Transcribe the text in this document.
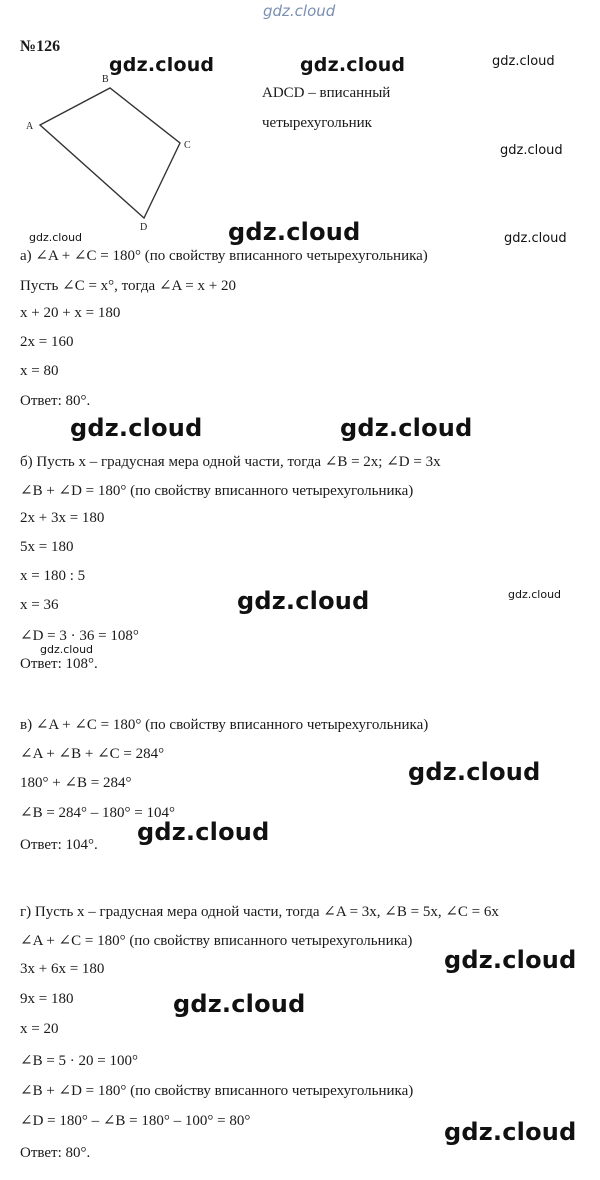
gdz.cloud
№126
A
B
C
D
ADCD – вписанный
четырехугольник
а) ∠A + ∠C = 180° (по свойству вписанного четырехугольника)
Пусть ∠C = x°, тогда ∠A = x + 20
x + 20 + x = 180
2x = 160
x = 80
Ответ: 80°.
б) Пусть x – градусная мера одной части, тогда ∠B = 2x; ∠D = 3x
∠B + ∠D = 180° (по свойству вписанного четырехугольника)
2x + 3x = 180
5x = 180
x = 180 : 5
x = 36
∠D = 3 · 36 = 108°
Ответ: 108°.
в) ∠A + ∠C = 180° (по свойству вписанного четырехугольника)
∠A + ∠B + ∠C = 284°
180° + ∠B = 284°
∠B = 284° – 180° = 104°
Ответ: 104°.
г) Пусть x – градусная мера одной части, тогда ∠A = 3x, ∠B = 5x, ∠C = 6x
∠A + ∠C = 180° (по свойству вписанного четырехугольника)
3x + 6x = 180
9x = 180
x = 20
∠B = 5 · 20 = 100°
∠B + ∠D = 180° (по свойству вписанного четырехугольника)
∠D = 180° – ∠B = 180° – 100° = 80°
Ответ: 80°.
gdz.cloud	gdz.cloud	gdz.cloud
gdz.cloud
gdz.cloud	gdz.cloud	gdz.cloud
gdz.cloud	gdz.cloud
gdz.cloud	gdz.cloud
gdz.cloud
gdz.cloud
gdz.cloud
gdz.cloud
gdz.cloud
gdz.cloud
